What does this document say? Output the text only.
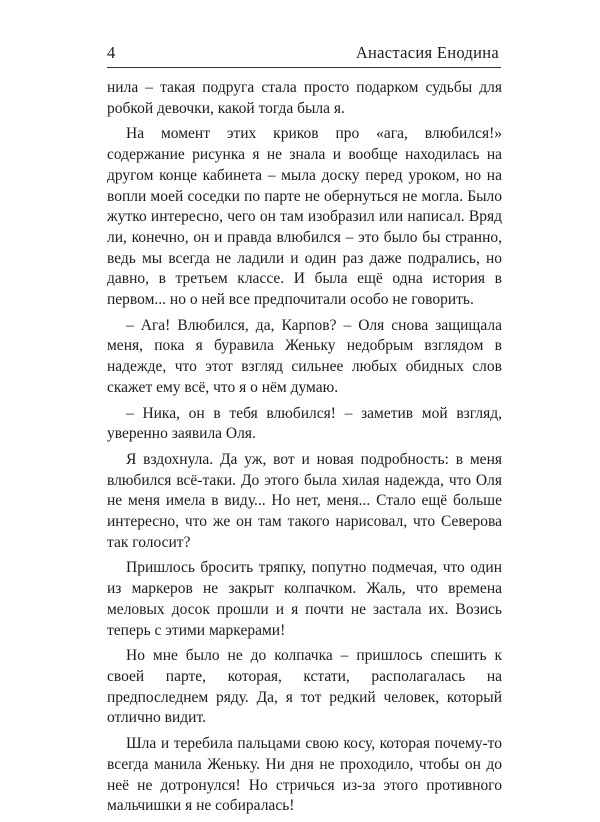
4	Анастасия Енодина

нила – такая подруга стала просто подарком судьбы для робкой девочки, какой тогда была я.

На момент этих криков про «ага, влюбился!» содержание рисунка я не знала и вообще находилась на другом конце кабинета – мыла доску перед уроком, но на вопли моей соседки по парте не обернуться не могла. Было жутко интересно, чего он там изобразил или написал. Вряд ли, конечно, он и правда влюбился – это было бы странно, ведь мы всегда не ладили и один раз даже подрались, но давно, в третьем классе. И была ещё одна история в первом... но о ней все предпочитали особо не говорить.

– Ага! Влюбился, да, Карпов? – Оля снова защищала меня, пока я буравила Женьку недобрым взглядом в надежде, что этот взгляд сильнее любых обидных слов скажет ему всё, что я о нём думаю.

– Ника, он в тебя влюбился! – заметив мой взгляд, уверенно заявила Оля.

Я вздохнула. Да уж, вот и новая подробность: в меня влюбился всё-таки. До этого была хилая надежда, что Оля не меня имела в виду... Но нет, меня... Стало ещё больше интересно, что же он там такого нарисовал, что Северова так голосит?

Пришлось бросить тряпку, попутно подмечая, что один из маркеров не закрыт колпачком. Жаль, что времена меловых досок прошли и я почти не застала их. Возись теперь с этими маркерами!

Но мне было не до колпачка – пришлось спешить к своей парте, которая, кстати, располагалась на предпоследнем ряду. Да, я тот редкий человек, который отлично видит.

Шла и теребила пальцами свою косу, которая почему-то всегда манила Женьку. Ни дня не проходило, чтобы он до неё не дотронулся! Но стричься из-за этого противного мальчишки я не собиралась!
